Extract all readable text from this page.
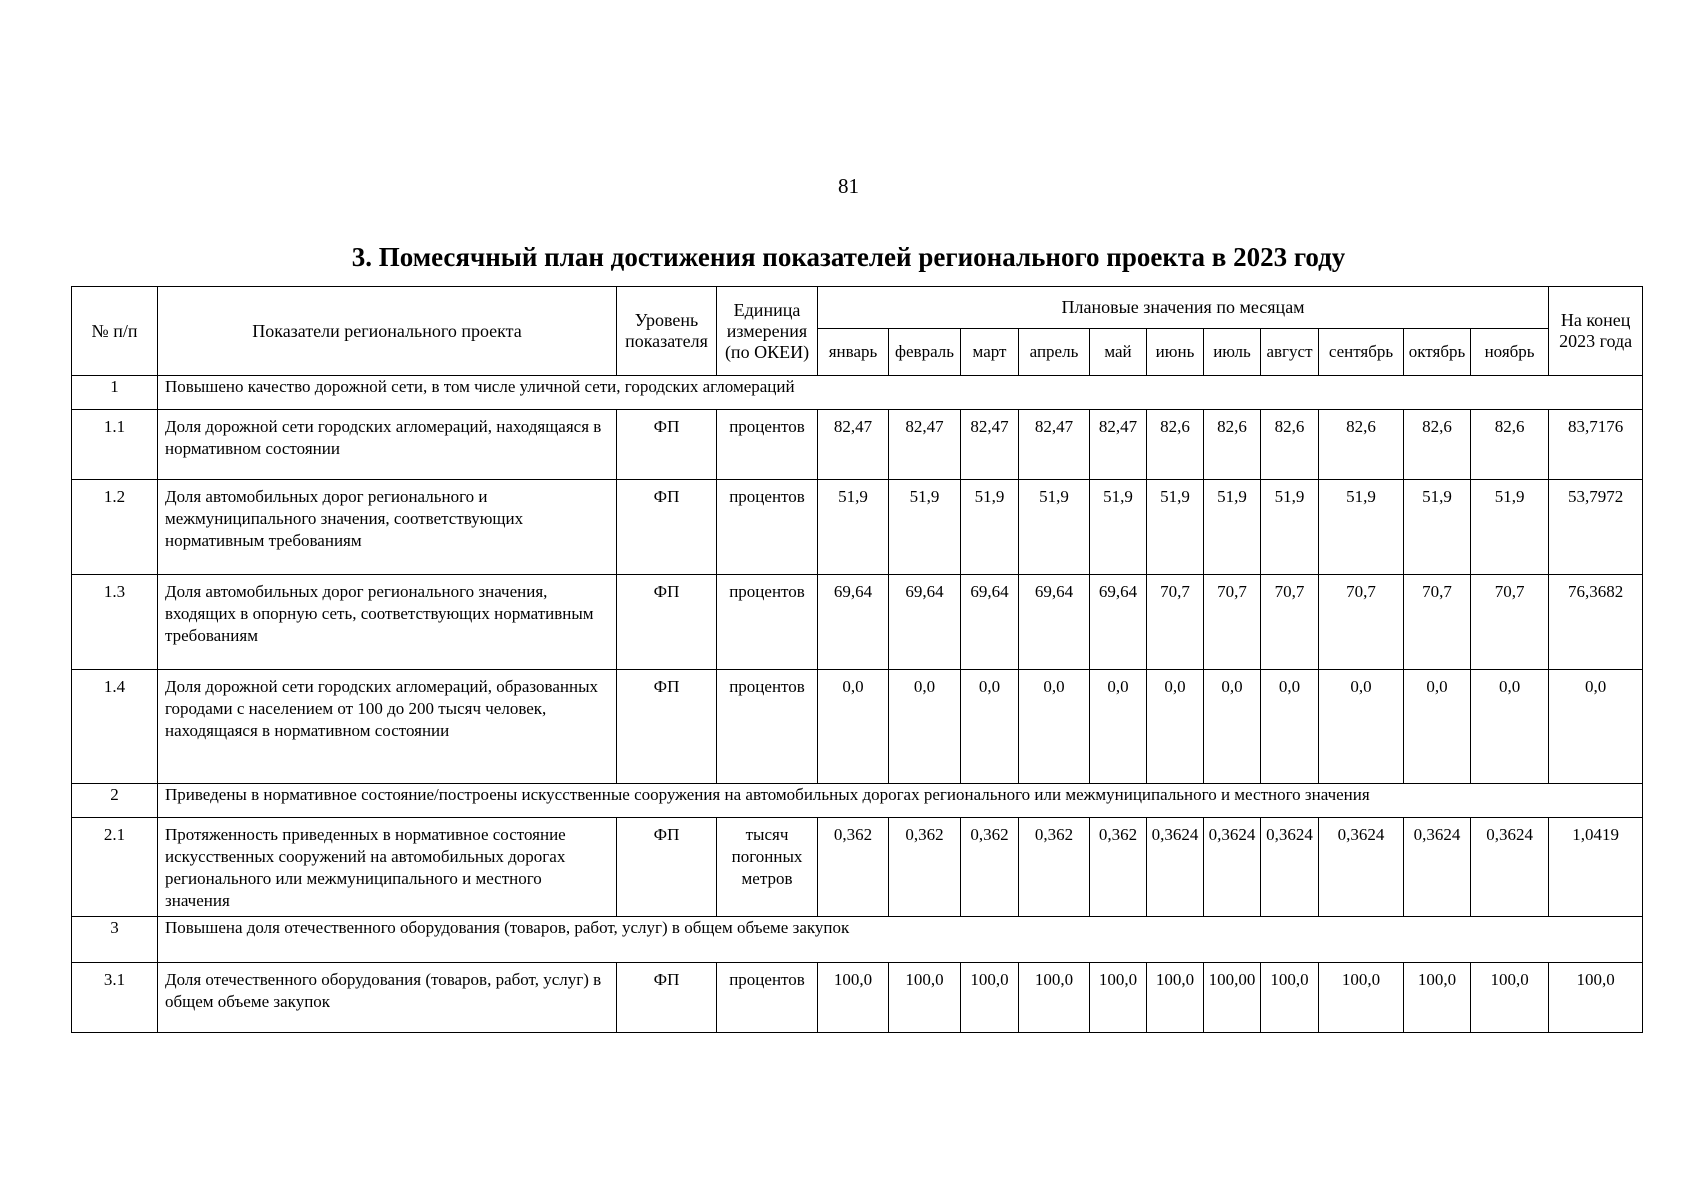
81
3. Помесячный план достижения показателей регионального проекта в 2023 году
№ п/п	Показатели регионального проекта	Уровень показателя	Единица измерения (по ОКЕИ)	Плановые значения по месяцам											На конец 2023 года
				январь	февраль	март	апрель	май	июнь	июль	август	сентябрь	октябрь	ноябрь	
1	Повышено качество дорожной сети, в том числе уличной сети, городских агломераций														
1.1	Доля дорожной сети городских агломераций, находящаяся в нормативном состоянии	ФП	процентов	82,47	82,47	82,47	82,47	82,47	82,6	82,6	82,6	82,6	82,6	82,6	83,7176
1.2	Доля автомобильных дорог регионального и межмуниципального значения, соответствующих нормативным требованиям	ФП	процентов	51,9	51,9	51,9	51,9	51,9	51,9	51,9	51,9	51,9	51,9	51,9	53,7972
1.3	Доля автомобильных дорог регионального значения, входящих в опорную сеть, соответствующих нормативным требованиям	ФП	процентов	69,64	69,64	69,64	69,64	69,64	70,7	70,7	70,7	70,7	70,7	70,7	76,3682
1.4	Доля дорожной сети городских агломераций, образованных городами с населением от 100 до 200 тысяч человек, находящаяся в нормативном состоянии	ФП	процентов	0,0	0,0	0,0	0,0	0,0	0,0	0,0	0,0	0,0	0,0	0,0	0,0
2	Приведены в нормативное состояние/построены искусственные сооружения на автомобильных дорогах регионального или межмуниципального и местного значения														
2.1	Протяженность приведенных в нормативное состояние искусственных сооружений на автомобильных дорогах регионального или межмуниципального и местного значения	ФП	тысяч погонных метров	0,362	0,362	0,362	0,362	0,362	0,3624	0,3624	0,3624	0,3624	0,3624	0,3624	1,0419
3	Повышена доля отечественного оборудования (товаров, работ, услуг) в общем объеме закупок														
3.1	Доля отечественного оборудования (товаров, работ, услуг) в общем объеме закупок	ФП	процентов	100,0	100,0	100,0	100,0	100,0	100,0	100,00	100,0	100,0	100,0	100,0	100,0
